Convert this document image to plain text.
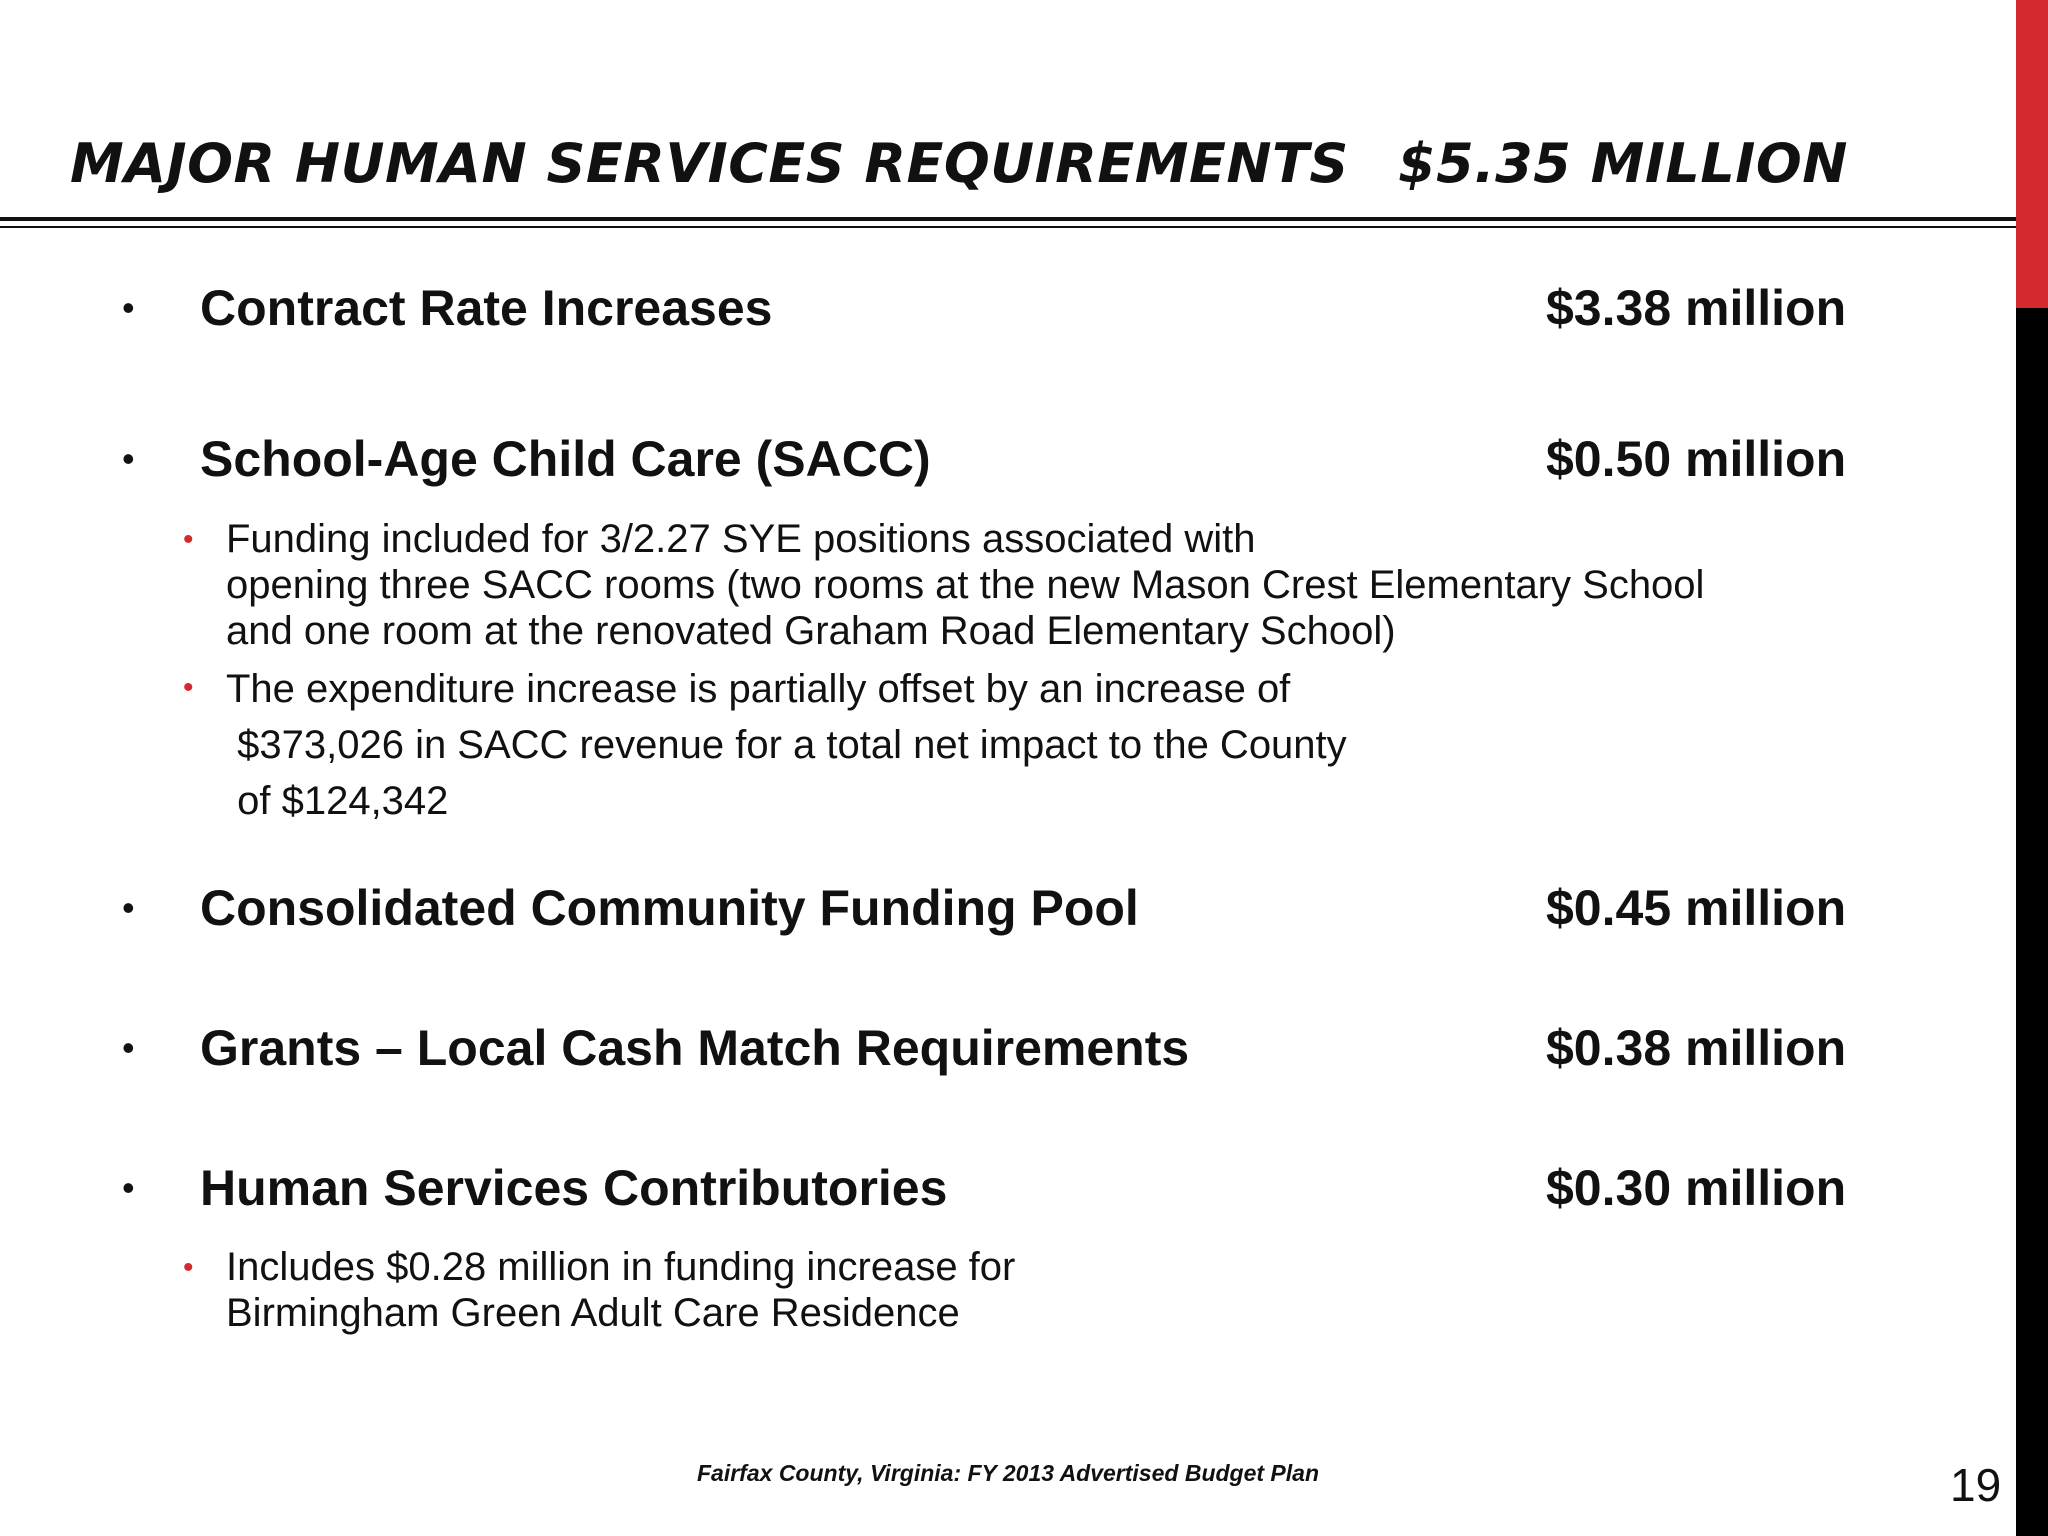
MAJOR HUMAN SERVICES REQUIREMENTS $5.35 MILLION
• Contract Rate Increases	$3.38 million
• School-Age Child Care (SACC)	$0.50 million
• Funding included for 3/2.27 SYE positions associated with
opening three SACC rooms (two rooms at the new Mason Crest Elementary School
and one room at the renovated Graham Road Elementary School)
• The expenditure increase is partially offset by an increase of
$373,026 in SACC revenue for a total net impact to the County
of $124,342
• Consolidated Community Funding Pool	$0.45 million
• Grants – Local Cash Match Requirements	$0.38 million
• Human Services Contributories	$0.30 million
• Includes $0.28 million in funding increase for
Birmingham Green Adult Care Residence
Fairfax County, Virginia: FY 2013 Advertised Budget Plan	19
